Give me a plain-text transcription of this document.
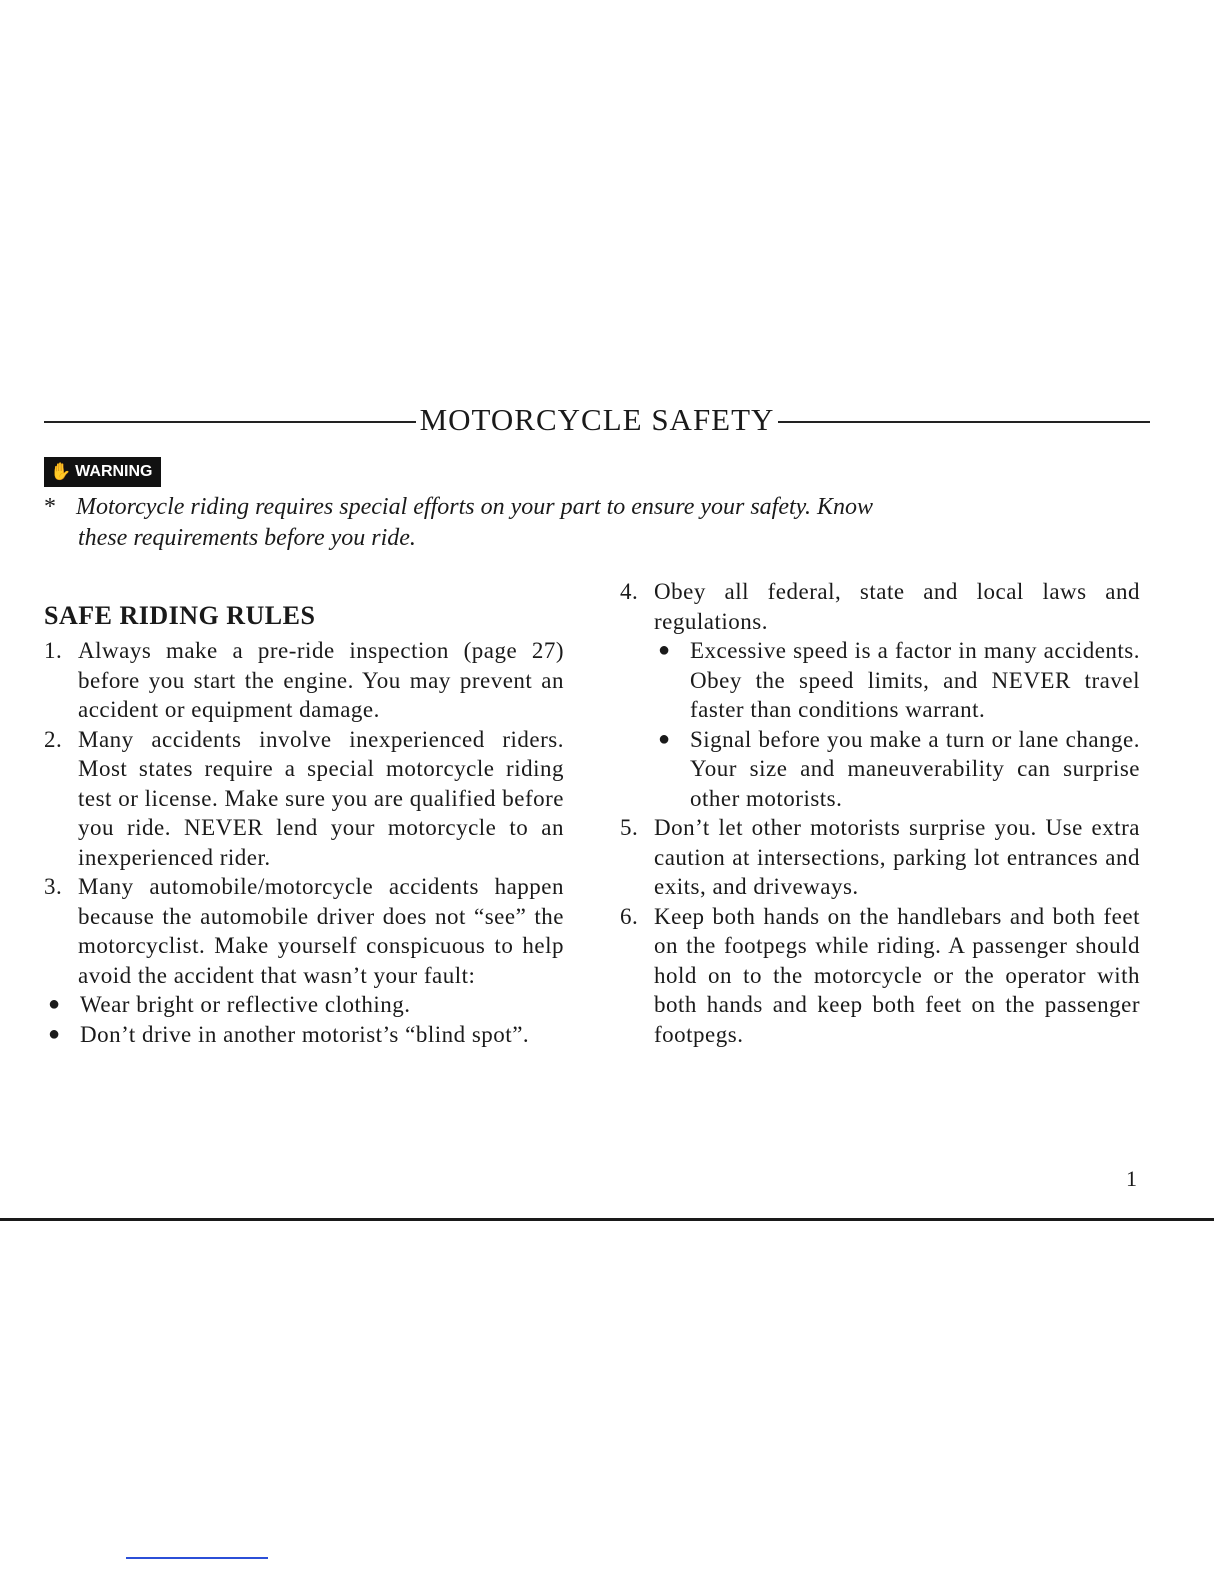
MOTORCYCLE SAFETY
✋ WARNING
* Motorcycle riding requires special efforts on your part to ensure your safety. Know
these requirements before you ride.
SAFE RIDING RULES
1. Always make a pre-ride inspection (page 27) before you start the engine. You may prevent an accident or equipment damage.
2. Many accidents involve inexperienced riders. Most states require a special motorcycle riding test or license. Make sure you are qualified before you ride. NEVER lend your motorcycle to an inexperienced rider.
3. Many automobile/motorcycle accidents happen because the automobile driver does not “see” the motorcyclist. Make yourself conspicuous to help avoid the accident that wasn’t your fault:
● Wear bright or reflective clothing.
● Don’t drive in another motorist’s “blind spot”.
4. Obey all federal, state and local laws and regulations.
● Excessive speed is a factor in many accidents. Obey the speed limits, and NEVER travel faster than conditions warrant.
● Signal before you make a turn or lane change. Your size and maneuverability can surprise other motorists.
5. Don’t let other motorists surprise you. Use extra caution at intersections, parking lot entrances and exits, and driveways.
6. Keep both hands on the handlebars and both feet on the footpegs while riding. A passenger should hold on to the motorcycle or the operator with both hands and keep both feet on the passenger footpegs.
1
